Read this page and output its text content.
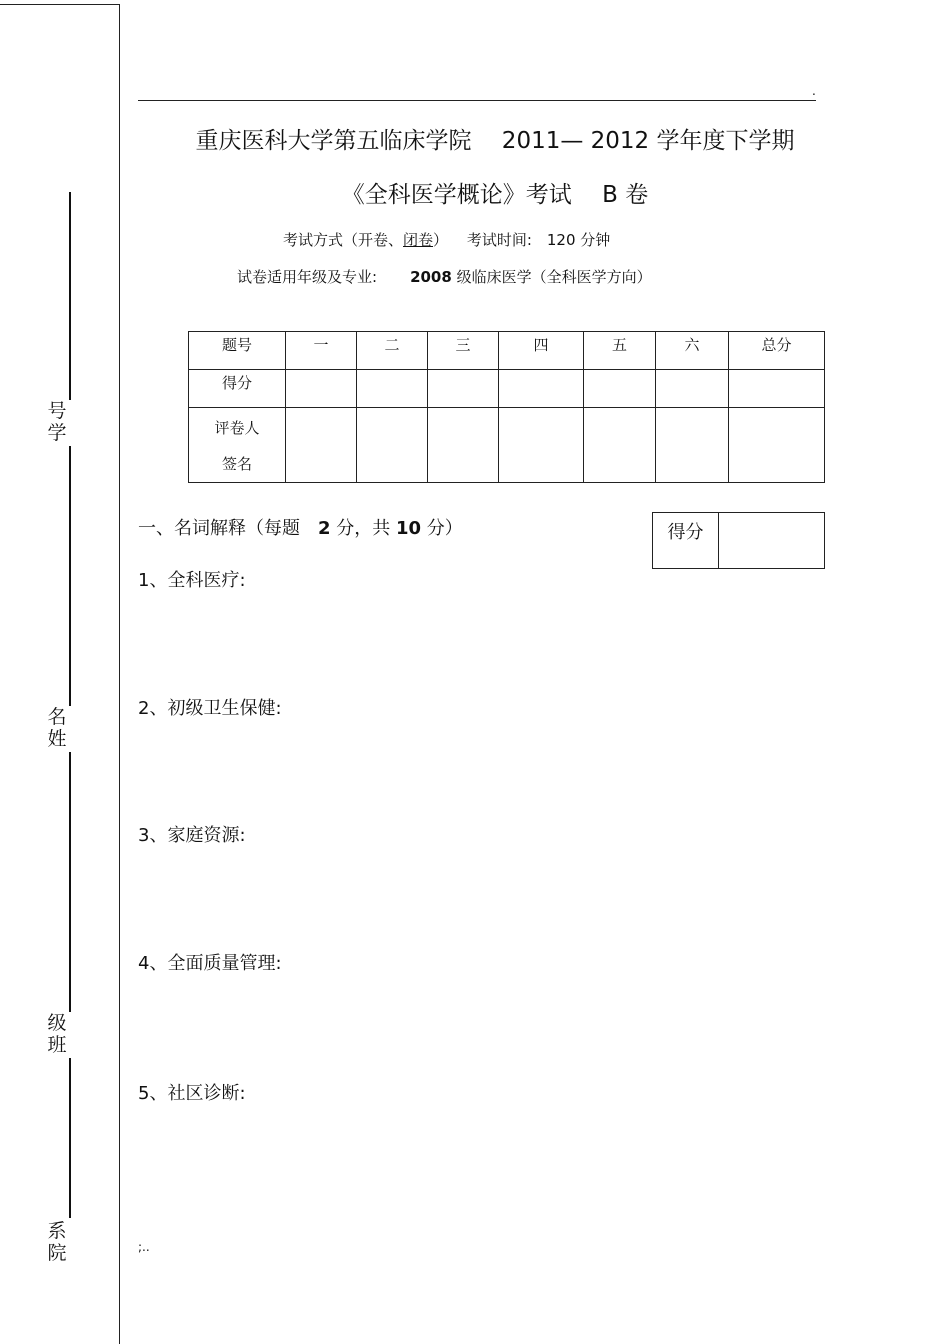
号学
名姓
级班
系院
.
重庆医科大学第五临床学院　 2011— 2012 学年度下学期
《全科医学概论》考试　 B 卷
考试方式（开卷、闭卷） 考试时间:　120 分钟
试卷适用年级及专业:　2008 级临床医学（全科医学方向）
题号	一	二	三	四	五	六	总分
得分							

评卷人
签名							

一、名词解释（每题　2 分，共 10 分）	得分
1、全科医疗:
2、初级卫生保健:
3、家庭资源:
4、全面质量管理:
5、社区诊断:
;..
